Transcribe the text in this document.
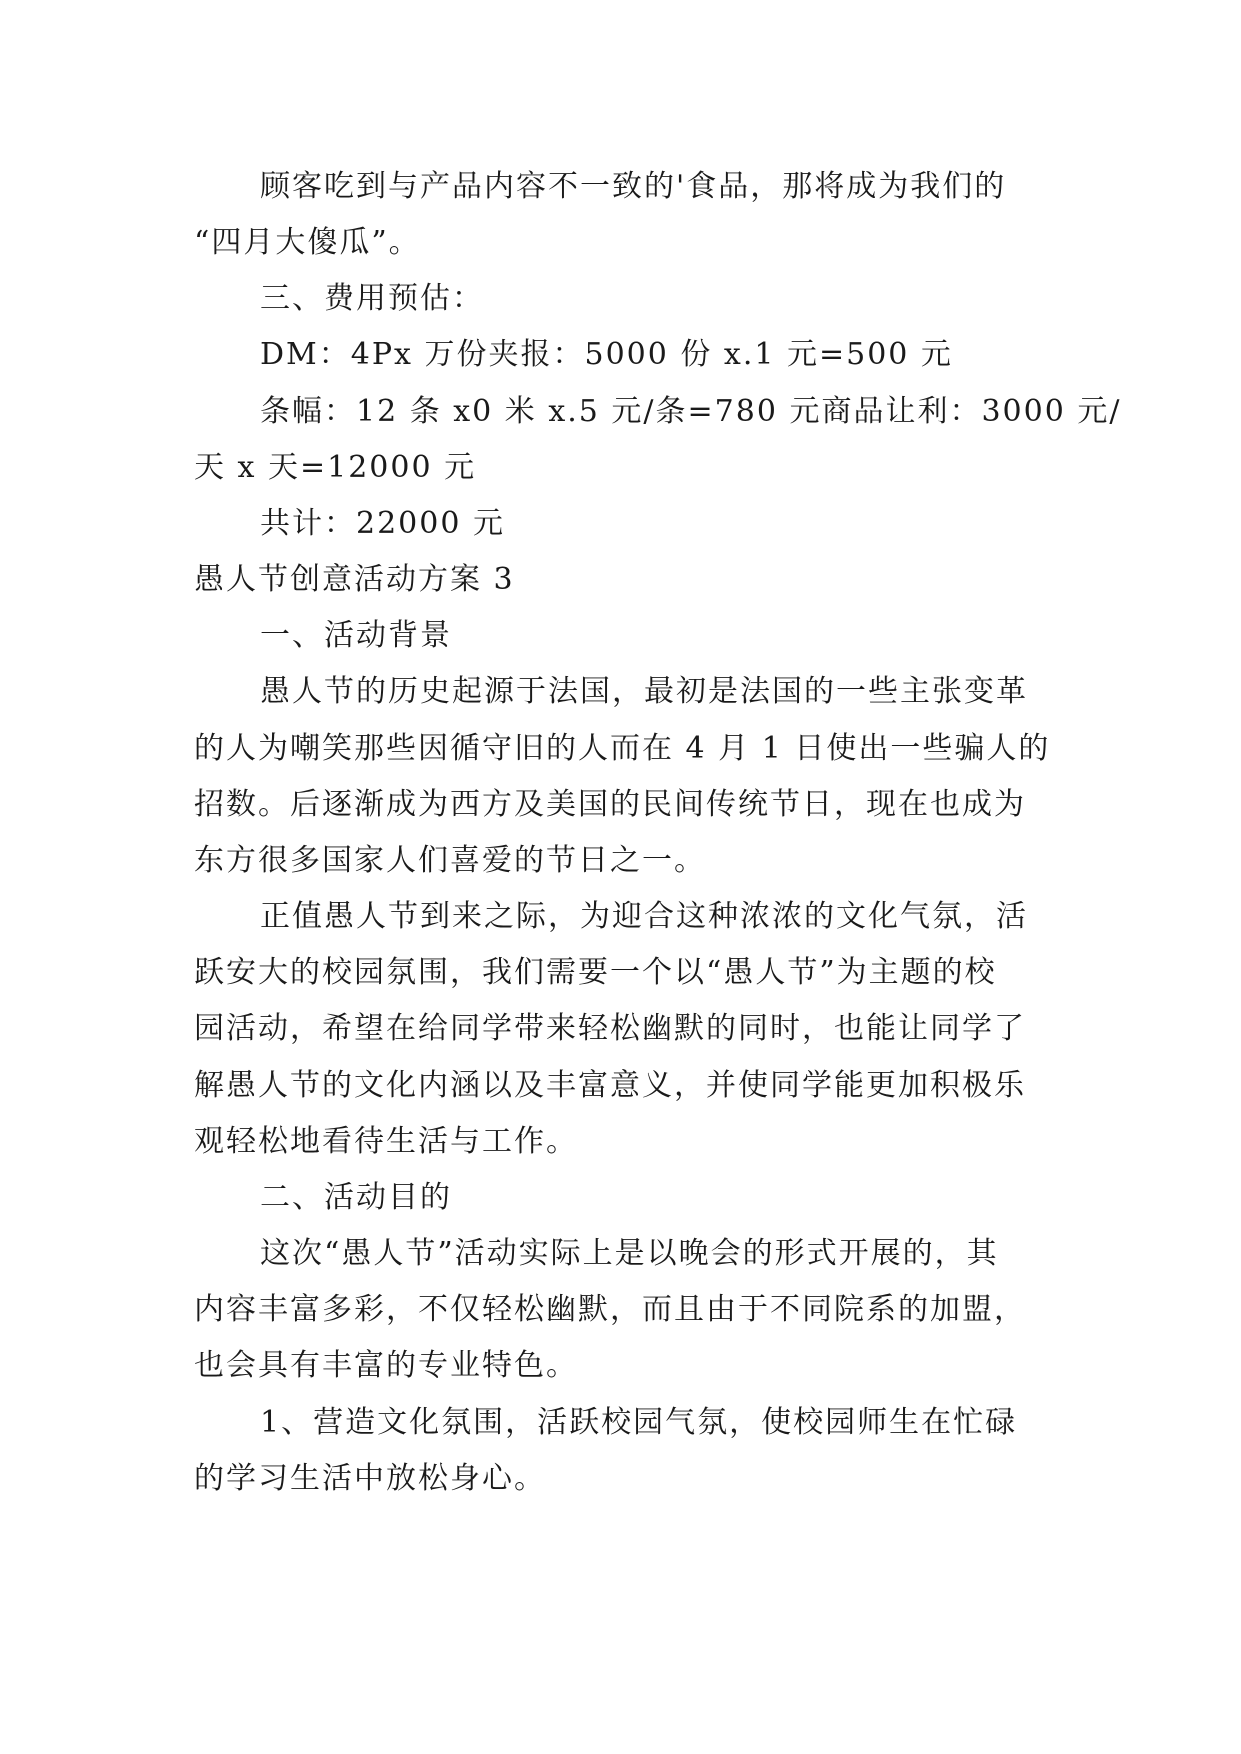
顾客吃到与产品内容不一致的'食品，那将成为我们的
“四月大傻瓜”。
三、费用预估：
DM：4Px 万份夹报：5000 份 x.1 元=500 元
条幅：12 条 x0 米 x.5 元/条=780 元商品让利：3000 元/
天 x 天=12000 元
共计：22000 元
愚人节创意活动方案 3
一、活动背景
愚人节的历史起源于法国，最初是法国的一些主张变革
的人为嘲笑那些因循守旧的人而在 4 月 1 日使出一些骗人的
招数。后逐渐成为西方及美国的民间传统节日，现在也成为
东方很多国家人们喜爱的节日之一。
正值愚人节到来之际，为迎合这种浓浓的文化气氛，活
跃安大的校园氛围，我们需要一个以“愚人节”为主题的校
园活动，希望在给同学带来轻松幽默的同时，也能让同学了
解愚人节的文化内涵以及丰富意义，并使同学能更加积极乐
观轻松地看待生活与工作。
二、活动目的
这次“愚人节”活动实际上是以晚会的形式开展的，其
内容丰富多彩，不仅轻松幽默，而且由于不同院系的加盟，
也会具有丰富的专业特色。
1、营造文化氛围，活跃校园气氛，使校园师生在忙碌
的学习生活中放松身心。
